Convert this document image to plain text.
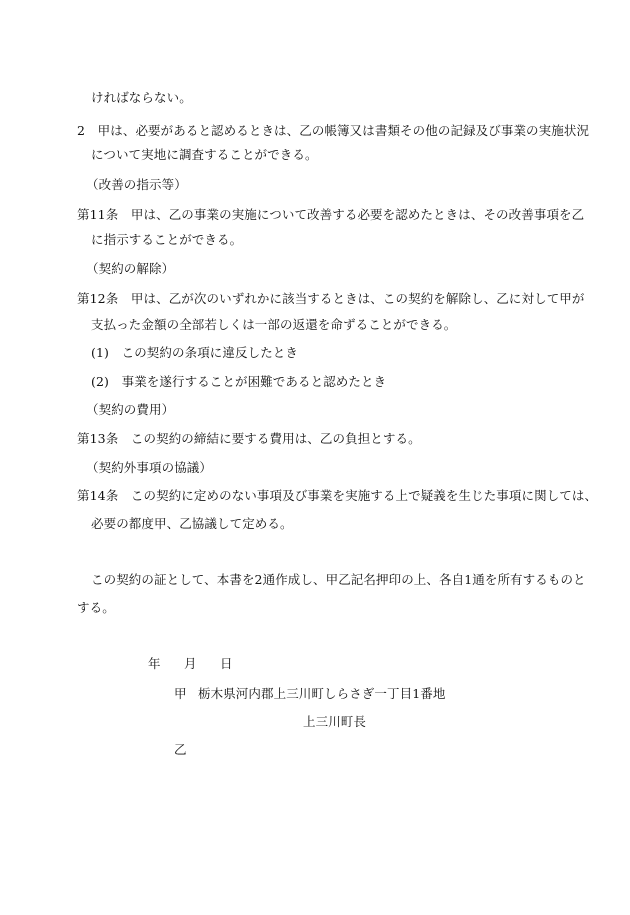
ければならない。
2　甲は、必要があると認めるときは、乙の帳簿又は書類その他の記録及び事業の実施状況
について実地に調査することができる。
（改善の指示等）
第11条　甲は、乙の事業の実施について改善する必要を認めたときは、その改善事項を乙
に指示することができる。
（契約の解除）
第12条　甲は、乙が次のいずれかに該当するときは、この契約を解除し、乙に対して甲が
支払った金額の全部若しくは一部の返還を命ずることができる。
(1)　この契約の条項に違反したとき
(2)　事業を遂行することが困難であると認めたとき
（契約の費用）
第13条　この契約の締結に要する費用は、乙の負担とする。
（契約外事項の協議）
第14条　この契約に定めのない事項及び事業を実施する上で疑義を生じた事項に関しては、
必要の都度甲、乙協議して定める。
この契約の証として、本書を2通作成し、甲乙記名押印の上、各自1通を所有するものと
する。
年 月 日
甲 栃木県河内郡上三川町しらさぎ一丁目1番地
上三川町長
乙
